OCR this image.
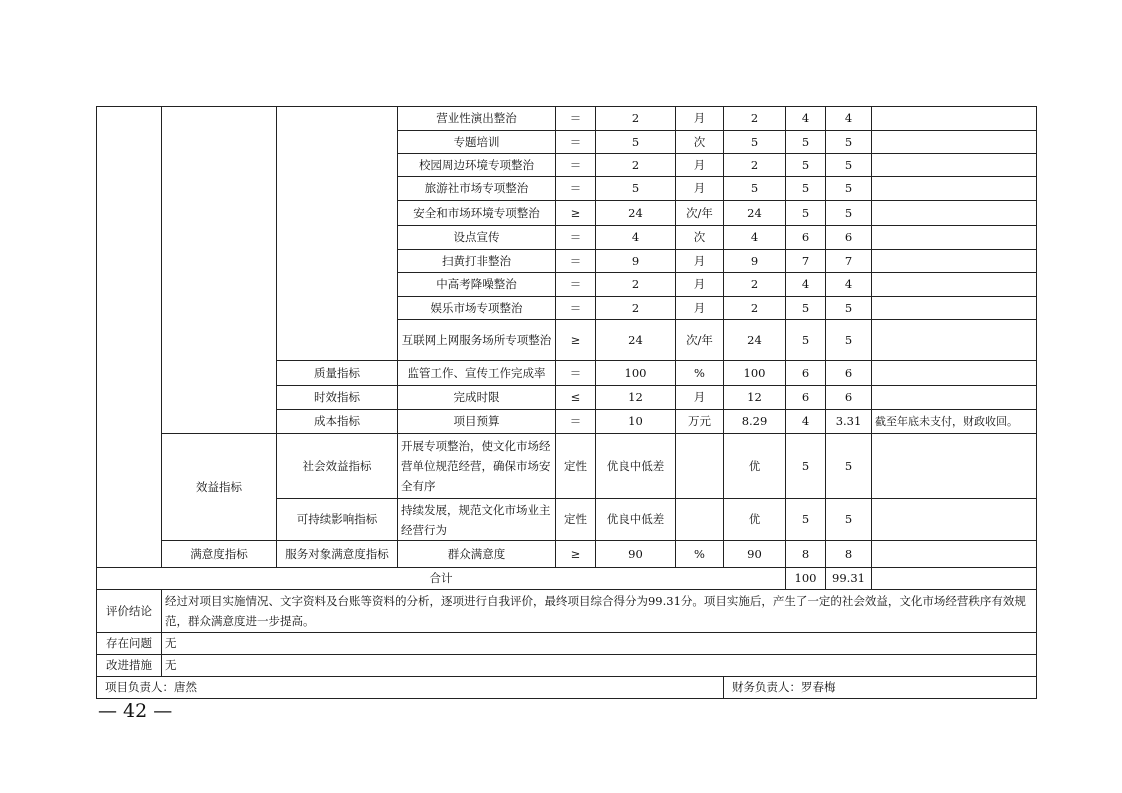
			营业性演出整治	＝	2	月	2	4	4	
			专题培训	＝	5	次	5	5	5	
			校园周边环境专项整治	＝	2	月	2	5	5	
			旅游社市场专项整治	＝	5	月	5	5	5	
			安全和市场环境专项整治	≥	24	次/年	24	5	5	
			设点宣传	＝	4	次	4	6	6	
			扫黄打非整治	＝	9	月	9	7	7	
			中高考降噪整治	＝	2	月	2	4	4	
			娱乐市场专项整治	＝	2	月	2	5	5	
			互联网上网服务场所专项整治	≥	24	次/年	24	5	5	
		质量指标	监管工作、宣传工作完成率	＝	100	%	100	6	6	
		时效指标	完成时限	≤	12	月	12	6	6	
		成本指标	项目预算	＝	10	万元	8.29	4	3.31	截至年底未支付，财政收回。
	效益指标	社会效益指标	开展专项整治，使文化市场经营单位规范经营，确保市场安全有序	定性	优良中低差		优	5	5	
		可持续影响指标	持续发展，规范文化市场业主经营行为	定性	优良中低差		优	5	5	
	满意度指标	服务对象满意度指标	群众满意度	≥	90	%	90	8	8	
合计								100	99.31	
评价结论	经过对项目实施情况、文字资料及台账等资料的分析，逐项进行自我评价，最终项目综合得分为99.31分。项目实施后，产生了一定的社会效益，文化市场经营秩序有效规范，群众满意度进一步提高。									
存在问题	无									
改进措施	无									
项目负责人：唐然							财务负责人：罗春梅			
— 42 —
